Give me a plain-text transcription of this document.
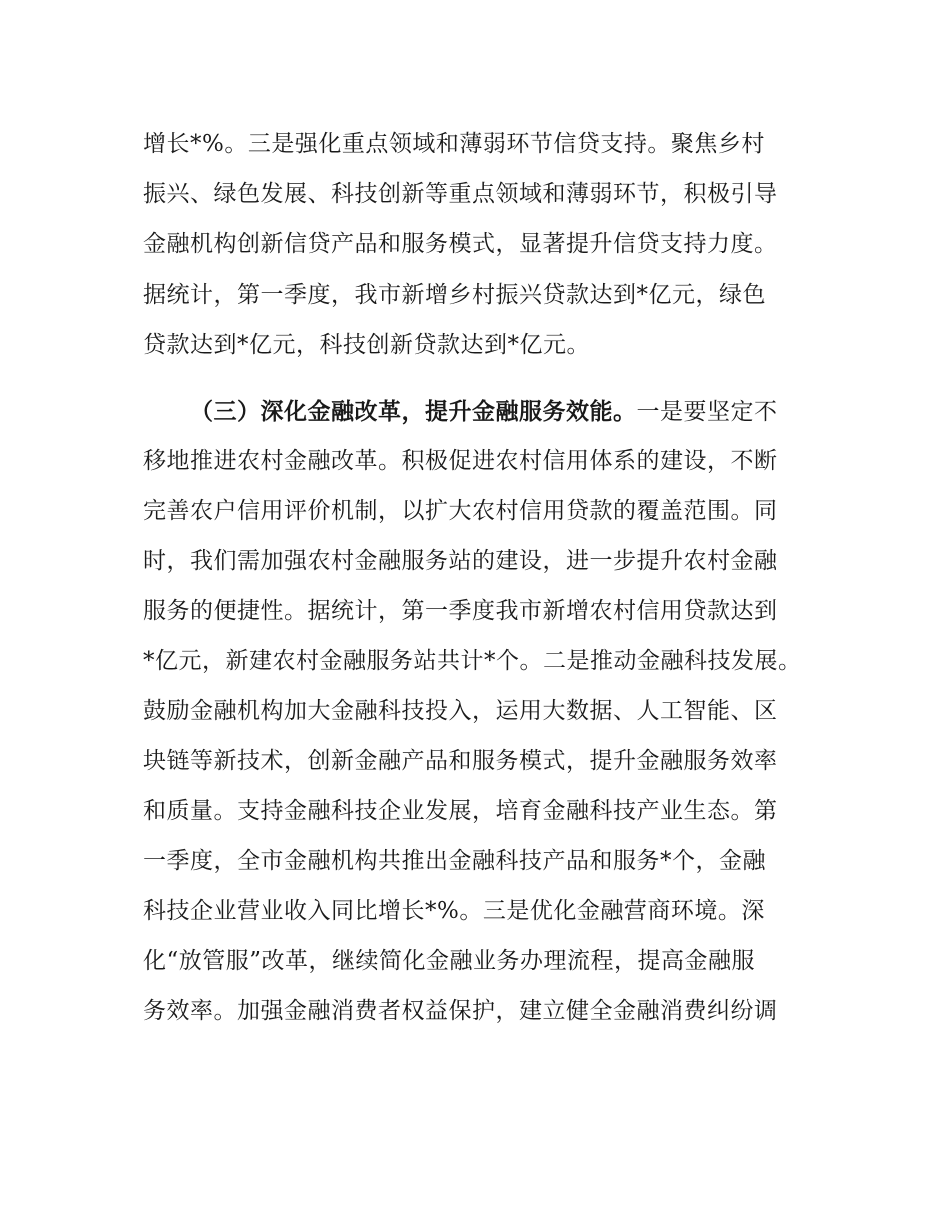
增长*%。三是强化重点领域和薄弱环节信贷支持。聚焦乡村
振兴、绿色发展、科技创新等重点领域和薄弱环节，积极引导
金融机构创新信贷产品和服务模式，显著提升信贷支持力度。
据统计，第一季度，我市新增乡村振兴贷款达到*亿元，绿色
贷款达到*亿元，科技创新贷款达到*亿元。
（三）深化金融改革，提升金融服务效能。一是要坚定不
移地推进农村金融改革。积极促进农村信用体系的建设，不断
完善农户信用评价机制，以扩大农村信用贷款的覆盖范围。同
时，我们需加强农村金融服务站的建设，进一步提升农村金融
服务的便捷性。据统计，第一季度我市新增农村信用贷款达到
*亿元，新建农村金融服务站共计*个。二是推动金融科技发展。
鼓励金融机构加大金融科技投入，运用大数据、人工智能、区
块链等新技术，创新金融产品和服务模式，提升金融服务效率
和质量。支持金融科技企业发展，培育金融科技产业生态。第
一季度，全市金融机构共推出金融科技产品和服务*个，金融
科技企业营业收入同比增长*%。三是优化金融营商环境。深
化“放管服”改革，继续简化金融业务办理流程，提高金融服
务效率。加强金融消费者权益保护，建立健全金融消费纠纷调
